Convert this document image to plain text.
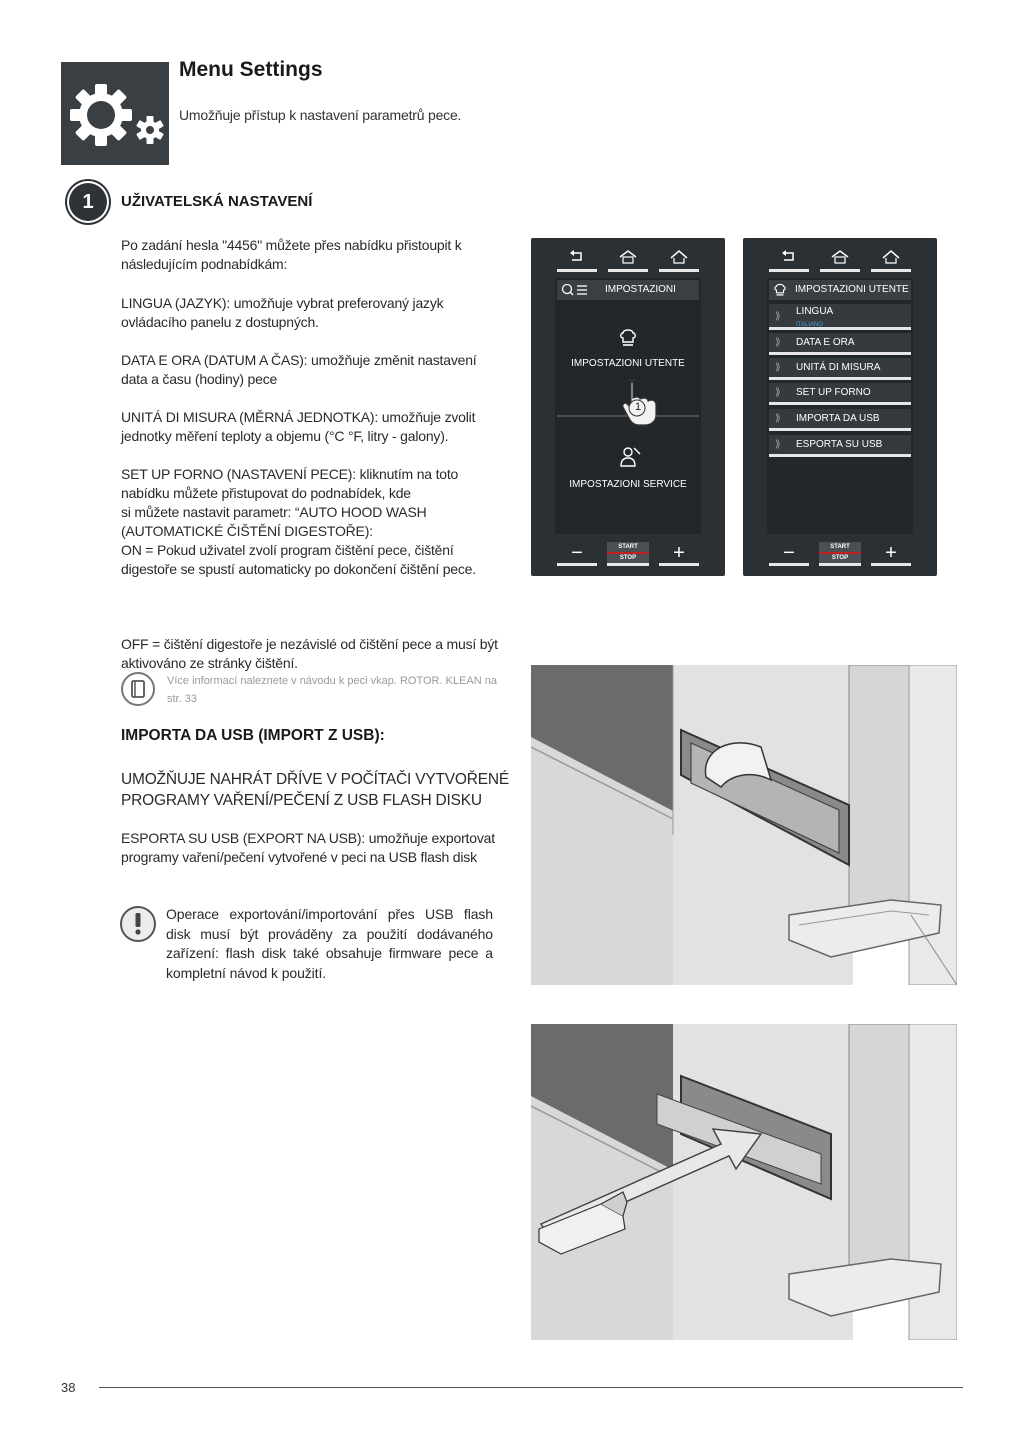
Menu Settings
Umožňuje přístup k nastavení parametrů pece.
1	UŽIVATELSKÁ NASTAVENÍ
Po zadání hesla "4456" můžete přes nabídku přistoupit k následujícím podnabídkám:
LINGUA (JAZYK): umožňuje vybrat preferovaný jazyk ovládacího panelu z dostupných.
DATA E ORA (DATUM A ČAS): umožňuje změnit nastavení data a času (hodiny) pece
UNITÁ DI MISURA (MĚRNÁ JEDNOTKA): umožňuje zvolit jednotky měření teploty a objemu (°C °F, litry - galony).
SET UP FORNO (NASTAVENÍ PECE): kliknutím na toto nabídku můžete přistupovat do podnabídek, kde
si můžete nastavit parametr: “AUTO HOOD WASH (AUTOMATICKÉ ČIŠTĚNÍ DIGESTOŘE):
ON = Pokud uživatel zvolí program čištění pece, čištění digestoře se spustí automaticky po dokončení čištění pece.
OFF = čištění digestoře je nezávislé od čištění pece a musí být aktivováno ze stránky čištění.
Více informací naleznete v návodu k peci vkap. ROTOR. KLEAN na str. 33
IMPORTA DA USB (IMPORT Z USB):
UMOŽŇUJE NAHRÁT DŘÍVE V POČÍTAČI VYTVOŘENÉ PROGRAMY VAŘENÍ/PEČENÍ Z USB FLASH DISKU
ESPORTA SU USB (EXPORT NA USB): umožňuje exportovat programy vaření/pečení vytvořené v peci na USB flash disk
Operace exportování/importování přes USB flash disk musí být prováděny za použití dodávaného zařízení: flash disk také obsahuje firmware pece a kompletní návod k použití.
IMPOSTAZIONI
IMPOSTAZIONI UTENTE
1
IMPOSTAZIONI SERVICE
−	START
STOP	+
IMPOSTAZIONI UTENTE
⟫ LINGUA
ITALIANO
⟫ DATA E ORA
⟫ UNITÁ DI MISURA
⟫ SET UP FORNO
⟫ IMPORTA DA USB
⟫ ESPORTA SU USB
−	START
STOP	+
38
